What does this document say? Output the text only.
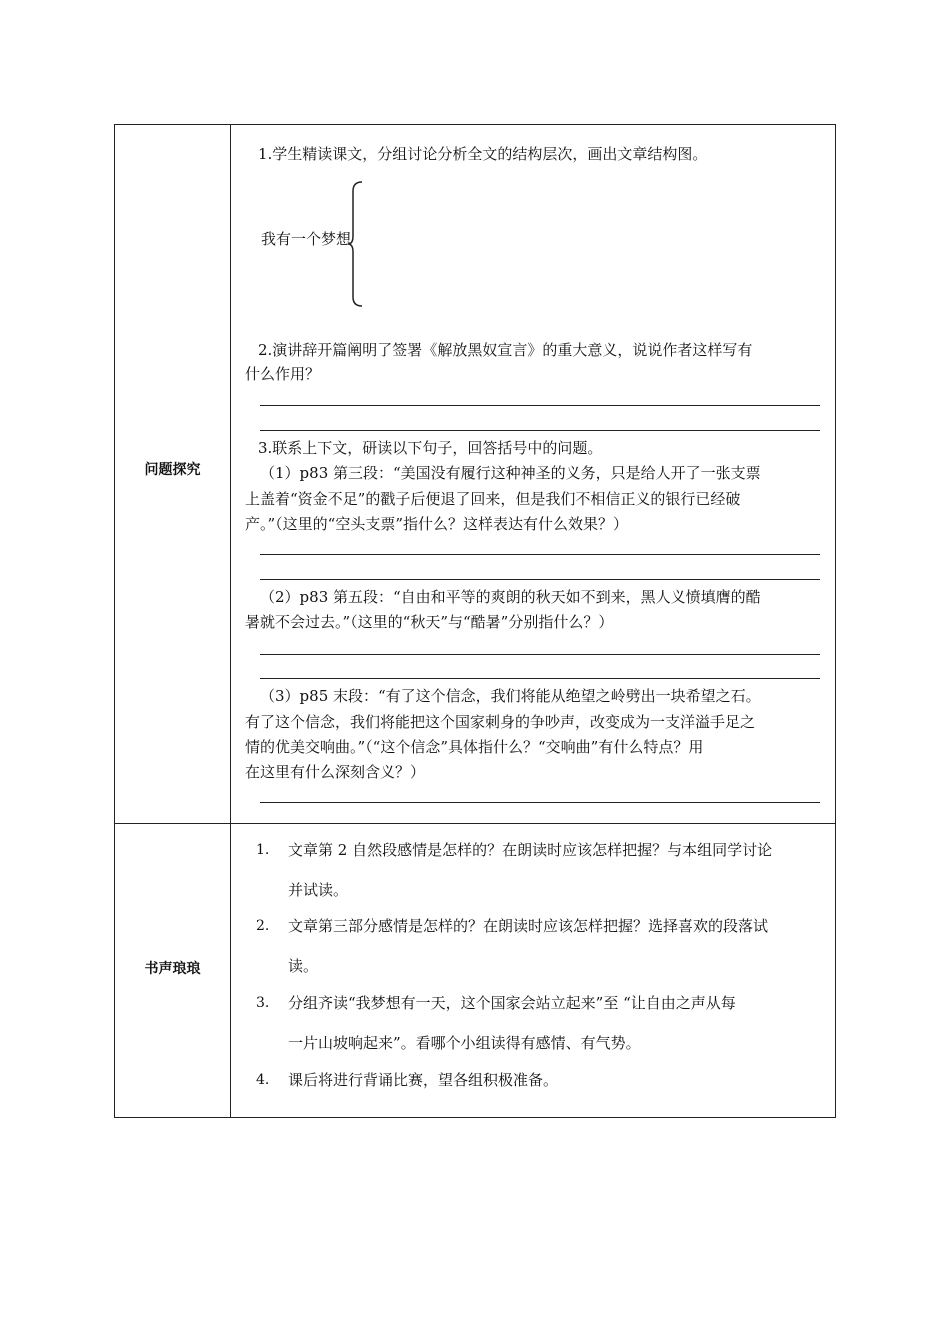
问题探究
1.学生精读课文，分组讨论分析全文的结构层次，画出文章结构图。
我有一个梦想
2.演讲辞开篇阐明了签署《解放黑奴宣言》的重大意义，说说作者这样写有
什么作用？
3.联系上下文，研读以下句子，回答括号中的问题。
（1）p83 第三段：“美国没有履行这种神圣的义务，只是给人开了一张支票
上盖着“资金不足”的戳子后便退了回来，但是我们不相信正义的银行已经破
产。”（这里的“空头支票”指什么？这样表达有什么效果？）
（2）p83 第五段：“自由和平等的爽朗的秋天如不到来，黑人义愤填膺的酷
暑就不会过去。”（这里的“秋天”与“酷暑”分别指什么？）
（3）p85 末段：“有了这个信念，我们将能从绝望之岭劈出一块希望之石。
有了这个信念，我们将能把这个国家刺身的争吵声，改变成为一支洋溢手足之
情的优美交响曲。”（“这个信念”具体指什么？“交响曲”有什么特点？用
在这里有什么深刻含义？）
书声琅琅
1. 文章第 2 自然段感情是怎样的？在朗读时应该怎样把握？与本组同学讨论
并试读。
2. 文章第三部分感情是怎样的？在朗读时应该怎样把握？选择喜欢的段落试
读。
3. 分组齐读“我梦想有一天，这个国家会站立起来”至 “让自由之声从每
一片山坡响起来”。看哪个小组读得有感情、有气势。
4. 课后将进行背诵比赛，望各组积极准备。
